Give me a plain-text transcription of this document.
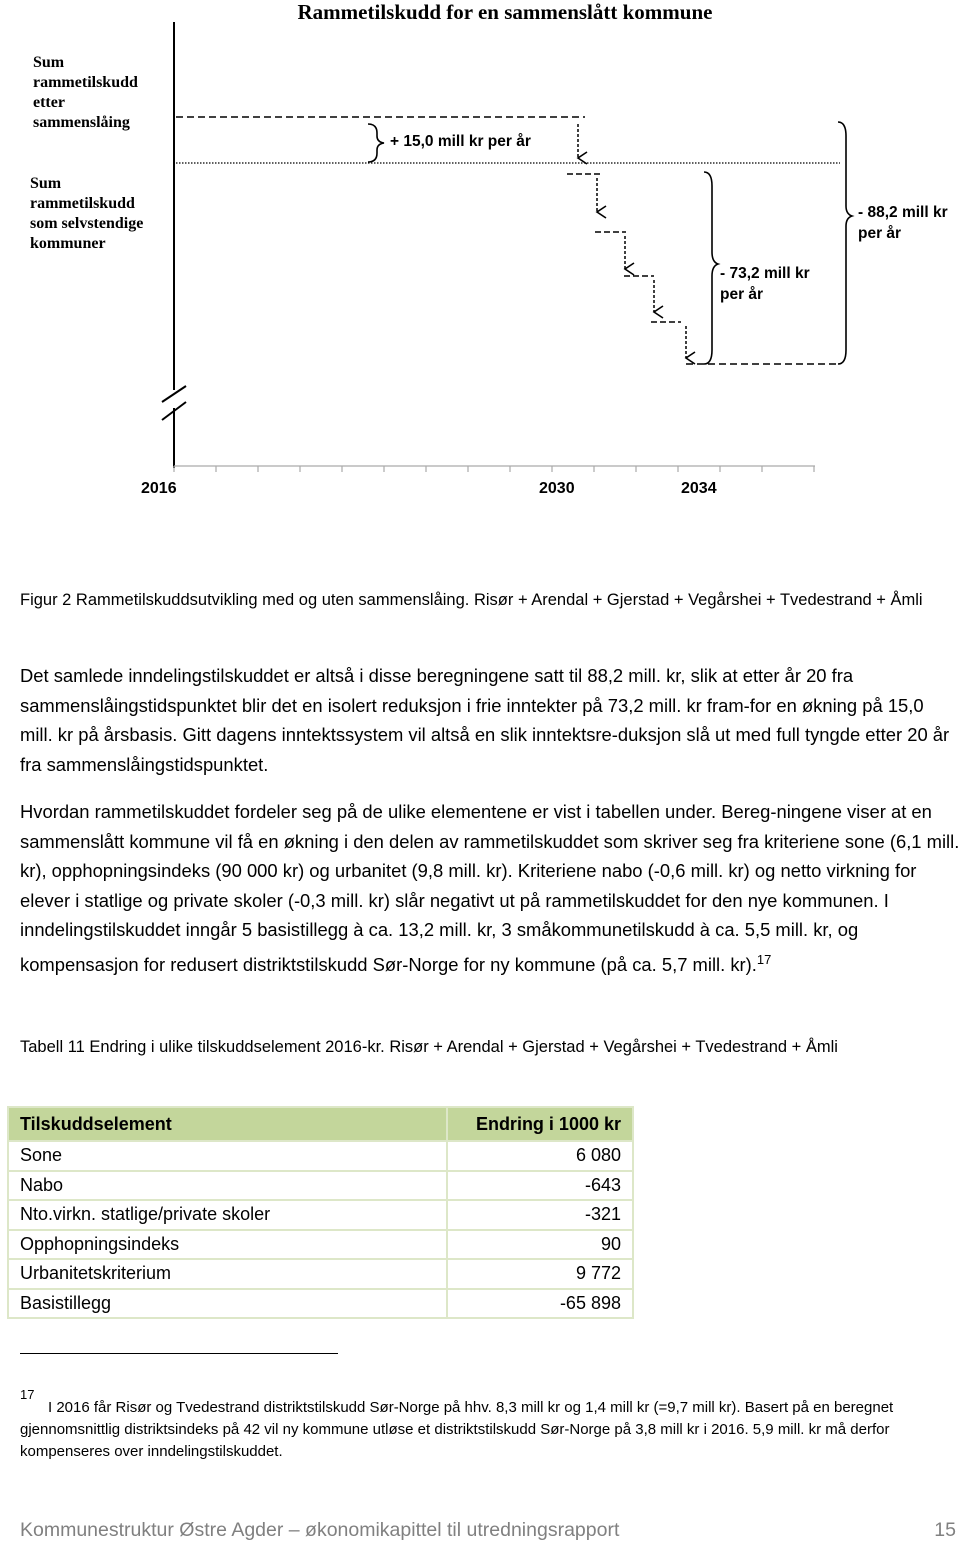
Rammetilskudd for en sammenslått kommune
Sum rammetilskudd etter sammenslåing
Sum rammetilskudd som selvstendige kommuner
+ 15,0 mill kr per år
- 73,2 mill kr per år
- 88,2 mill kr per år
2016	2030	2034
Figur 2 Rammetilskuddsutvikling med og uten sammenslåing. Risør + Arendal + Gjerstad + Vegårshei + Tvedestrand + Åmli
Det samlede inndelingstilskuddet er altså i disse beregningene satt til 88,2 mill. kr, slik at etter år 20 fra sammenslåingstidspunktet blir det en isolert reduksjon i frie inntekter på 73,2 mill. kr fram-for en økning på 15,0 mill. kr på årsbasis. Gitt dagens inntektssystem vil altså en slik inntektsre-duksjon slå ut med full tyngde etter 20 år fra sammenslåingstidspunktet.
Hvordan rammetilskuddet fordeler seg på de ulike elementene er vist i tabellen under. Bereg-ningene viser at en sammenslått kommune vil få en økning i den delen av rammetilskuddet som skriver seg fra kriteriene sone (6,1 mill. kr), opphopningsindeks (90 000 kr) og urbanitet (9,8 mill. kr). Kriteriene nabo (-0,6 mill. kr) og netto virkning for elever i statlige og private skoler (-0,3 mill. kr) slår negativt ut på rammetilskuddet for den nye kommunen. I inndelingstilskuddet inngår 5 basistillegg à ca. 13,2 mill. kr, 3 småkommunetilskudd à ca. 5,5 mill. kr, og kompensasjon for redusert distriktstilskudd Sør-Norge for ny kommune (på ca. 5,7 mill. kr).$^{17}$
Tabell 11 Endring i ulike tilskuddselement 2016-kr. Risør + Arendal + Gjerstad + Vegårshei + Tvedestrand + Åmli
Tilskuddselement	Endring i 1000 kr
Sone	6 080
Nabo	-643
Nto.virkn. statlige/private skoler	-321
Opphopningsindeks	90
Urbanitetskriterium	9 772
Basistillegg	-65 898
17
I 2016 får Risør og Tvedestrand distriktstilskudd Sør-Norge på hhv. 8,3 mill kr og 1,4 mill kr (=9,7 mill kr). Basert på en beregnet gjennomsnittlig distriktsindeks på 42 vil ny kommune utløse et distriktstilskudd Sør-Norge på 3,8 mill kr i 2016. 5,9 mill. kr må derfor kompenseres over inndelingstilskuddet.
Kommunestruktur Østre Agder – økonomikapittel til utredningsrapport	15
